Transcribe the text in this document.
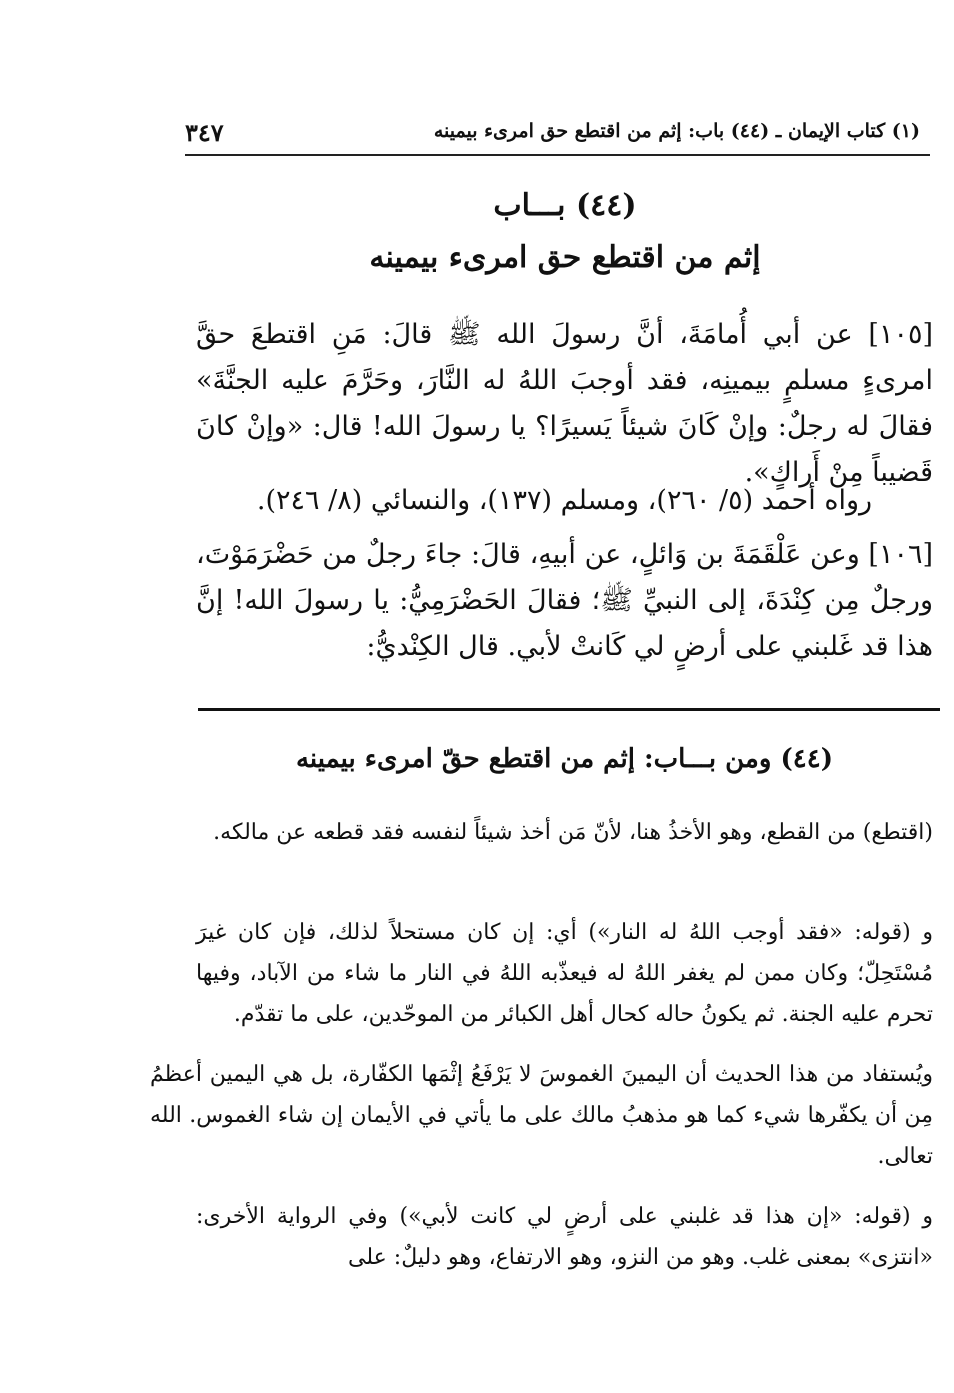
(١) كتاب الإيمان ـ (٤٤) باب: إثم من اقتطع حق امرىء بيمينه
٣٤٧
(٤٤) بـــاب
إثم من اقتطع حق امرىء بيمينه
[١٠٥] عن أبي أُمامَةَ، أنَّ رسولَ الله ﷺ قالَ: مَنِ اقتطعَ حقَّ امرىءٍ مسلمٍ بيمينِه، فقد أوجبَ اللهُ له النَّارَ، وحَرَّمَ عليه الجنَّةَ» فقالَ له رجلٌ: وإنْ كَانَ شيئاً يَسيرًا؟ يا رسولَ الله! قال: «وإنْ كانَ قَضيباً مِنْ أَراكٍ».
رواه أحمد (٥/ ٢٦٠)، ومسلم (١٣٧)، والنسائي (٨/ ٢٤٦).
[١٠٦] وعن عَلْقَمَةَ بن وَائلٍ، عن أبيهِ، قالَ: جاءَ رجلٌ من حَضْرَمَوْتَ، ورجلٌ مِن كِنْدَةَ، إلى النبيِّ ﷺ؛ فقالَ الحَضْرَمِيُّ: يا رسولَ الله! إنَّ هذا قد غَلبني على أرضٍ لي كَانتْ لأبي. قال الكِنْديُّ:
(٤٤) ومن بـــاب: إثم من اقتطع حقّ امرىء بيمينه
(اقتطع) من القطع، وهو الأخذُ هنا، لأنّ مَن أخذ شيئاً لنفسه فقد قطعه عن مالكه.
و (قوله: «فقد أوجب اللهُ له النار») أي: إن كان مستحلاً لذلك، فإن كان غيرَ مُسْتَحِلّ؛ وكان ممن لم يغفر اللهُ له فيعذّبه اللهُ في النار ما شاء من الآباد، وفيها تحرم عليه الجنة. ثم يكونُ حاله كحال أهل الكبائر من الموحّدين، على ما تقدّم.
ويُستفاد من هذا الحديث أن اليمينَ الغموسَ لا يَرْفَعُ إثْمَها الكفّارة، بل هي اليمين أعظمُ مِن أن يكفّرها شيء كما هو مذهبُ مالك على ما يأتي في الأيمان إن شاء الغموس. الله تعالى.
و (قوله: «إن هذا قد غلبني على أرضٍ لي كانت لأبي») وفي الرواية الأخرى: «انتزى» بمعنى غلب. وهو من النزو، وهو الارتفاع، وهو دليلٌ: على
